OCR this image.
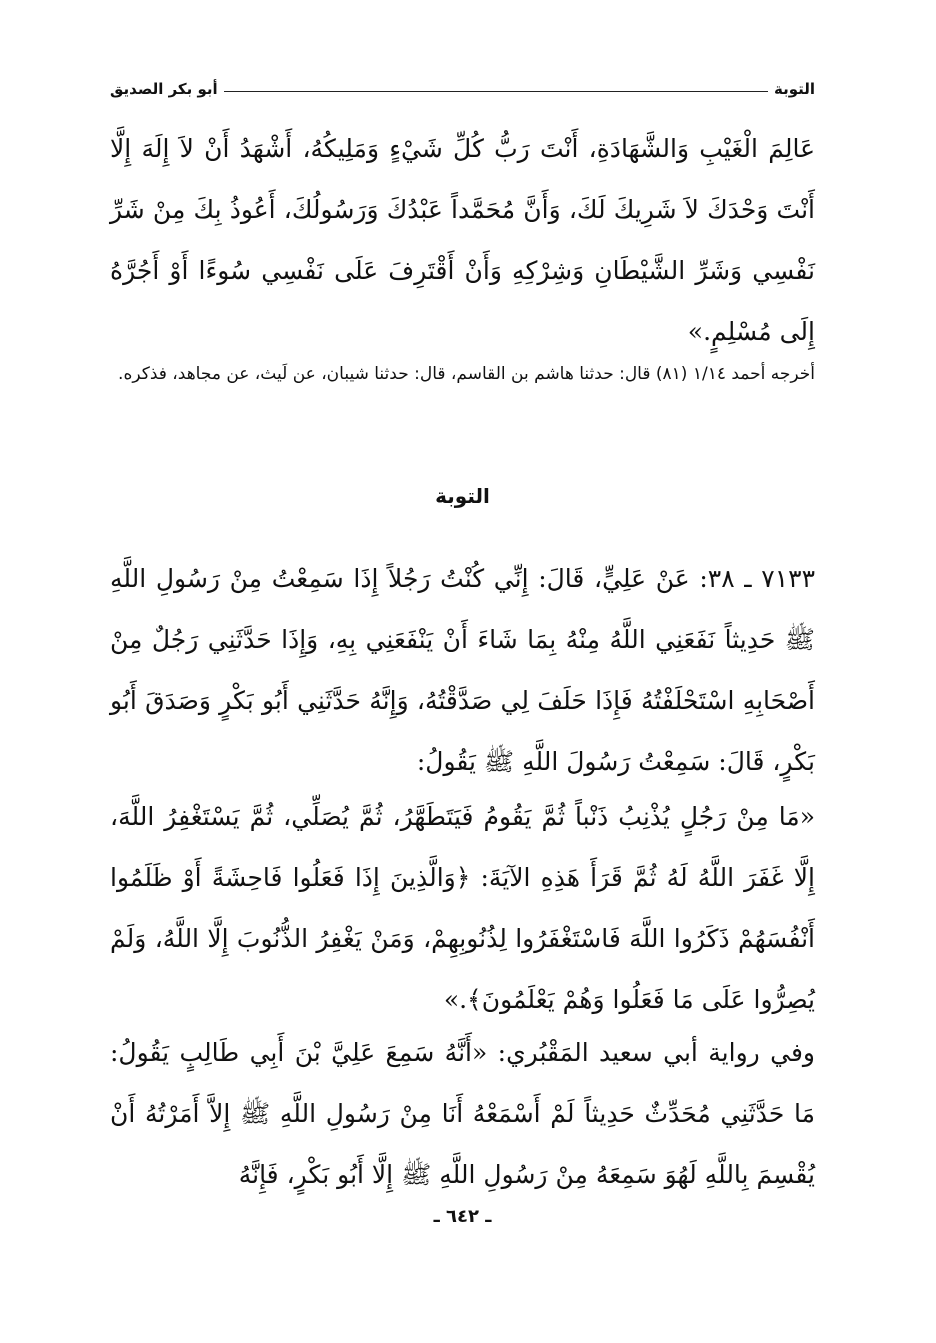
التوبة
أبو بكر الصديق

عَالِمَ الْغَيْبِ وَالشَّهَادَةِ، أَنْتَ رَبُّ كُلِّ شَيْءٍ وَمَلِيكُهُ، أَشْهَدُ أَنْ لاَ إِلَهَ إِلَّا أَنْتَ وَحْدَكَ لاَ شَرِيكَ لَكَ، وَأَنَّ مُحَمَّداً عَبْدُكَ وَرَسُولُكَ، أَعُوذُ بِكَ مِنْ شَرِّ نَفْسِي وَشَرِّ الشَّيْطَانِ وَشِرْكِهِ وَأَنْ أَقْتَرِفَ عَلَى نَفْسِي سُوءًا أَوْ أَجُرَّهُ إِلَى مُسْلِمٍ.»

أخرجه أحمد ١/١٤ (٨١) قال: حدثنا هاشم بن القاسم، قال: حدثنا شيبان، عن لَيث، عن مجاهد، فذكره.

التوبة

٧١٣٣ ـ ٣٨: عَنْ عَلِيٍّ، قَالَ: إِنِّي كُنْتُ رَجُلاً إِذَا سَمِعْتُ مِنْ رَسُولِ اللَّهِ ﷺ حَدِيثاً نَفَعَنِي اللَّهُ مِنْهُ بِمَا شَاءَ أَنْ يَنْفَعَنِي بِهِ، وَإِذَا حَدَّثَنِي رَجُلٌ مِنْ أَصْحَابِهِ اسْتَحْلَفْتُهُ فَإِذَا حَلَفَ لِي صَدَّقْتُهُ، وَإِنَّهُ حَدَّثَنِي أَبُو بَكْرٍ وَصَدَقَ أَبُو بَكْرٍ، قَالَ: سَمِعْتُ رَسُولَ اللَّهِ ﷺ يَقُولُ:

«مَا مِنْ رَجُلٍ يُذْنِبُ ذَنْباً ثُمَّ يَقُومُ فَيَتَطَهَّرُ، ثُمَّ يُصَلِّي، ثُمَّ يَسْتَغْفِرُ اللَّهَ، إِلَّا غَفَرَ اللَّهُ لَهُ ثُمَّ قَرَأَ هَذِهِ الآيَةَ: ﴿وَالَّذِينَ إِذَا فَعَلُوا فَاحِشَةً أَوْ ظَلَمُوا أَنْفُسَهُمْ ذَكَرُوا اللَّهَ فَاسْتَغْفَرُوا لِذُنُوبِهِمْ، وَمَنْ يَغْفِرُ الذُّنُوبَ إِلَّا اللَّهُ، وَلَمْ يُصِرُّوا عَلَى مَا فَعَلُوا وَهُمْ يَعْلَمُونَ﴾.»

وفي رواية أبي سعيد المَقْبُري: «أَنَّهُ سَمِعَ عَلِيَّ بْنَ أَبِي طَالِبٍ يَقُولُ: مَا حَدَّثَنِي مُحَدِّثٌ حَدِيثاً لَمْ أَسْمَعْهُ أَنَا مِنْ رَسُولِ اللَّهِ ﷺ إِلاَّ أَمَرْتُهُ أَنْ يُقْسِمَ بِاللَّهِ لَهُوَ سَمِعَهُ مِنْ رَسُولِ اللَّهِ ﷺ إِلَّا أَبُو بَكْرٍ، فَإِنَّهُ

ـ ٦٤٢ ـ
